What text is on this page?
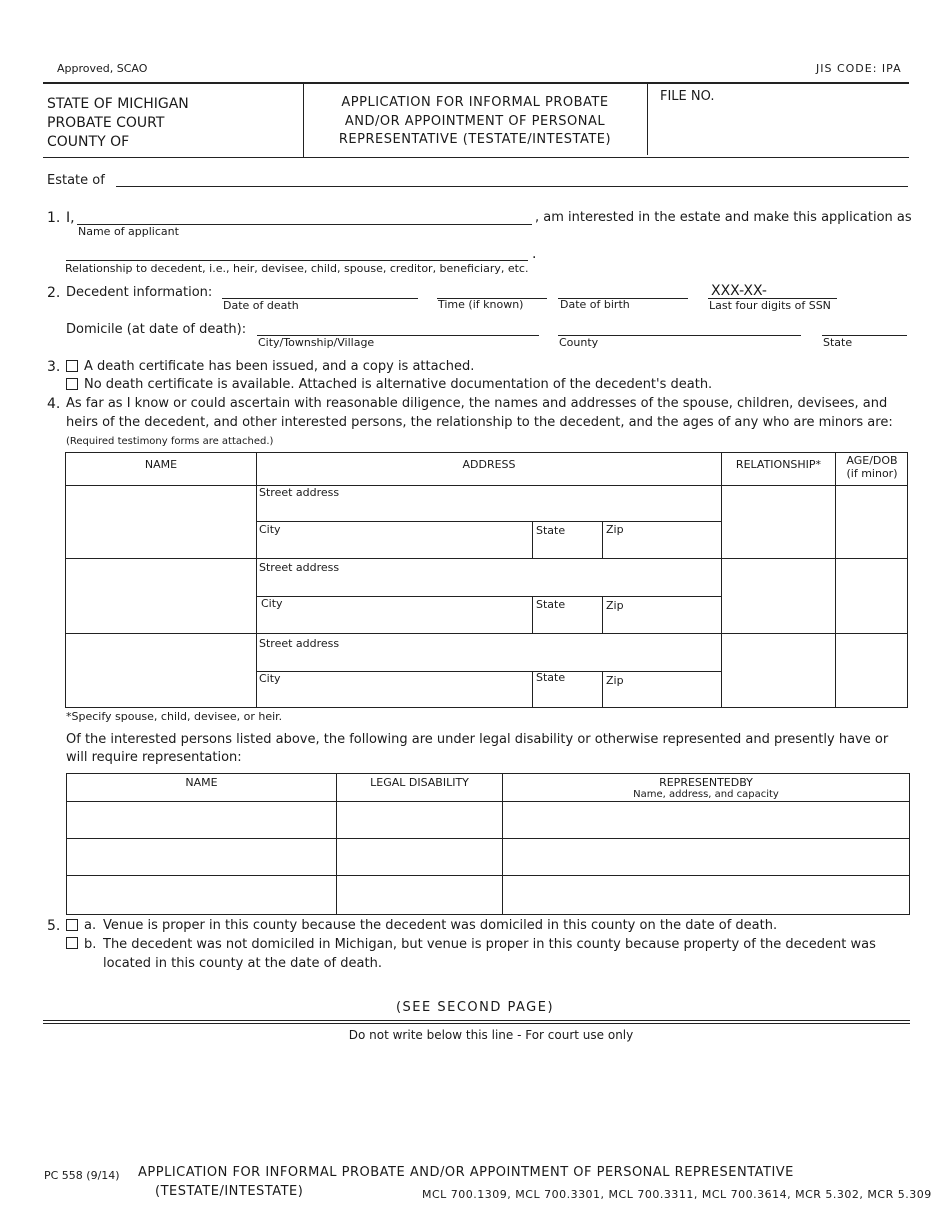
Approved, SCAO	JIS CODE: IPA
STATE OF MICHIGAN
PROBATE COURT
COUNTY OF
APPLICATION FOR INFORMAL PROBATE
AND/OR APPOINTMENT OF PERSONAL
REPRESENTATIVE (TESTATE/INTESTATE)
FILE NO.
Estate of
1. I,	, am interested in the estate and make this application as
Name of applicant
.
Relationship to decedent, i.e., heir, devisee, child, spouse, creditor, beneficiary, etc.
2. Decedent information:
Date of death	Time (if known)	Date of birth
XXX-XX-
Last four digits of SSN
Domicile (at date of death):
City/Township/Village	County	State
3. A death certificate has been issued, and a copy is attached.
No death certificate is available. Attached is alternative documentation of the decedent's death.
4. As far as I know or could ascertain with reasonable diligence, the names and addresses of the spouse, children, devisees, and
heirs of the decedent, and other interested persons, the relationship to the decedent, and the ages of any who are minors are:
(Required testimony forms are attached.)
NAME	ADDRESS	RELATIONSHIP*	AGE/DOB
(if minor)
Street address
City	State	Zip
Street address
City	State	Zip
Street address
City	State	Zip
*Specify spouse, child, devisee, or heir.
Of the interested persons listed above, the following are under legal disability or otherwise represented and presently have or
will require representation:
NAME	LEGAL DISABILITY	REPRESENTEDBY
Name, address, and capacity
5. a. Venue is proper in this county because the decedent was domiciled in this county on the date of death.
b. The decedent was not domiciled in Michigan, but venue is proper in this county because property of the decedent was
located in this county at the date of death.
(SEE SECOND PAGE)
Do not write below this line - For court use only
PC 558 (9/14) APPLICATION FOR INFORMAL PROBATE AND/OR APPOINTMENT OF PERSONAL REPRESENTATIVE
(TESTATE/INTESTATE)	MCL 700.1309, MCL 700.3301, MCL 700.3311, MCL 700.3614, MCR 5.302, MCR 5.309
